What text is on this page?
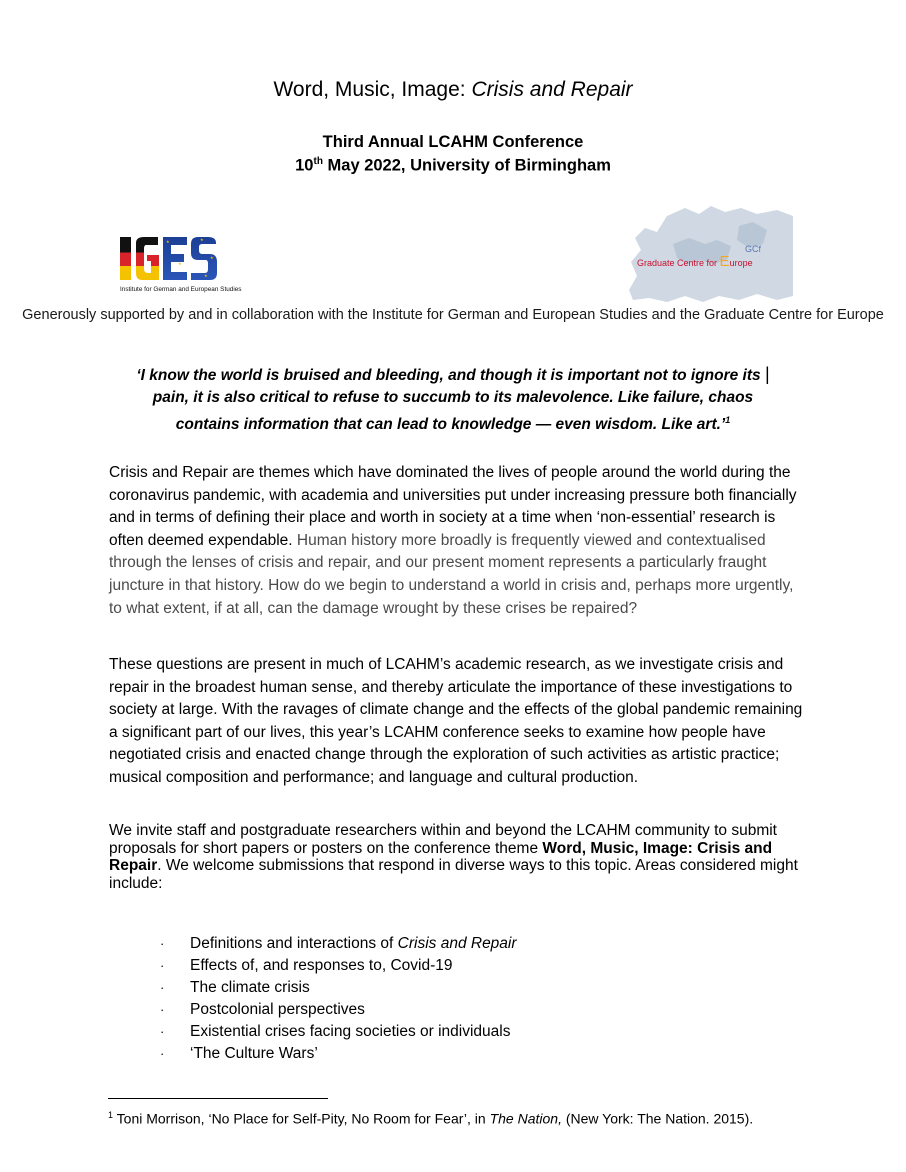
Word, Music, Image: Crisis and Repair
Third Annual LCAHM Conference
10th May 2022, University of Birmingham
★
★
★
★
★
Institute for German and European Studies
GCf
Graduate Centre for Europe
Generously supported by and in collaboration with the Institute for German and European Studies and the Graduate Centre for Europe
‘I know the world is bruised and bleeding, and though it is important not to ignore its |
pain, it is also critical to refuse to succumb to its malevolence. Like failure, chaos
contains information that can lead to knowledge — even wisdom. Like art.’$^1$
Crisis and Repair are themes which have dominated the lives of people around the world during the coronavirus pandemic, with academia and universities put under increasing pressure both financially and in terms of defining their place and worth in society at a time when ‘non-essential’ research is often deemed expendable. Human history more broadly is frequently viewed and contextualised through the lenses of crisis and repair, and our present moment represents a particularly fraught juncture in that history. How do we begin to understand a world in crisis and, perhaps more urgently, to what extent, if at all, can the damage wrought by these crises be repaired?
These questions are present in much of LCAHM’s academic research, as we investigate crisis and repair in the broadest human sense, and thereby articulate the importance of these investigations to society at large. With the ravages of climate change and the effects of the global pandemic remaining a significant part of our lives, this year’s LCAHM conference seeks to examine how people have negotiated crisis and enacted change through the exploration of such activities as artistic practice; musical composition and performance; and language and cultural production.
We invite staff and postgraduate researchers within and beyond the LCAHM community to submit proposals for short papers or posters on the conference theme Word, Music, Image: Crisis and Repair. We welcome submissions that respond in diverse ways to this topic. Areas considered might include:
· Definitions and interactions of Crisis and Repair
· Effects of, and responses to, Covid-19
· The climate crisis
· Postcolonial perspectives
· Existential crises facing societies or individuals
· ‘The Culture Wars’
$^1$ Toni Morrison, ‘No Place for Self-Pity, No Room for Fear’, in The Nation, (New York: The Nation. 2015).
